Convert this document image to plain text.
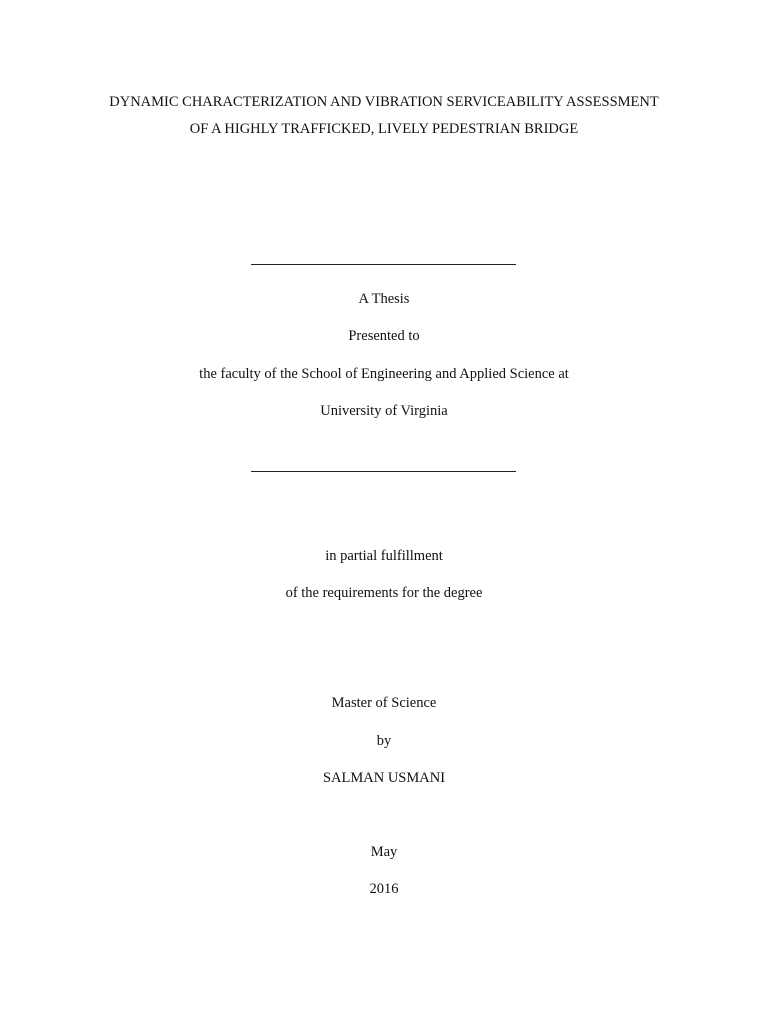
DYNAMIC CHARACTERIZATION AND VIBRATION SERVICEABILITY ASSESSMENT
OF A HIGHLY TRAFFICKED, LIVELY PEDESTRIAN BRIDGE
A Thesis
Presented to
the faculty of the School of Engineering and Applied Science at
University of Virginia
in partial fulfillment
of the requirements for the degree
Master of Science
by
SALMAN USMANI
May
2016
